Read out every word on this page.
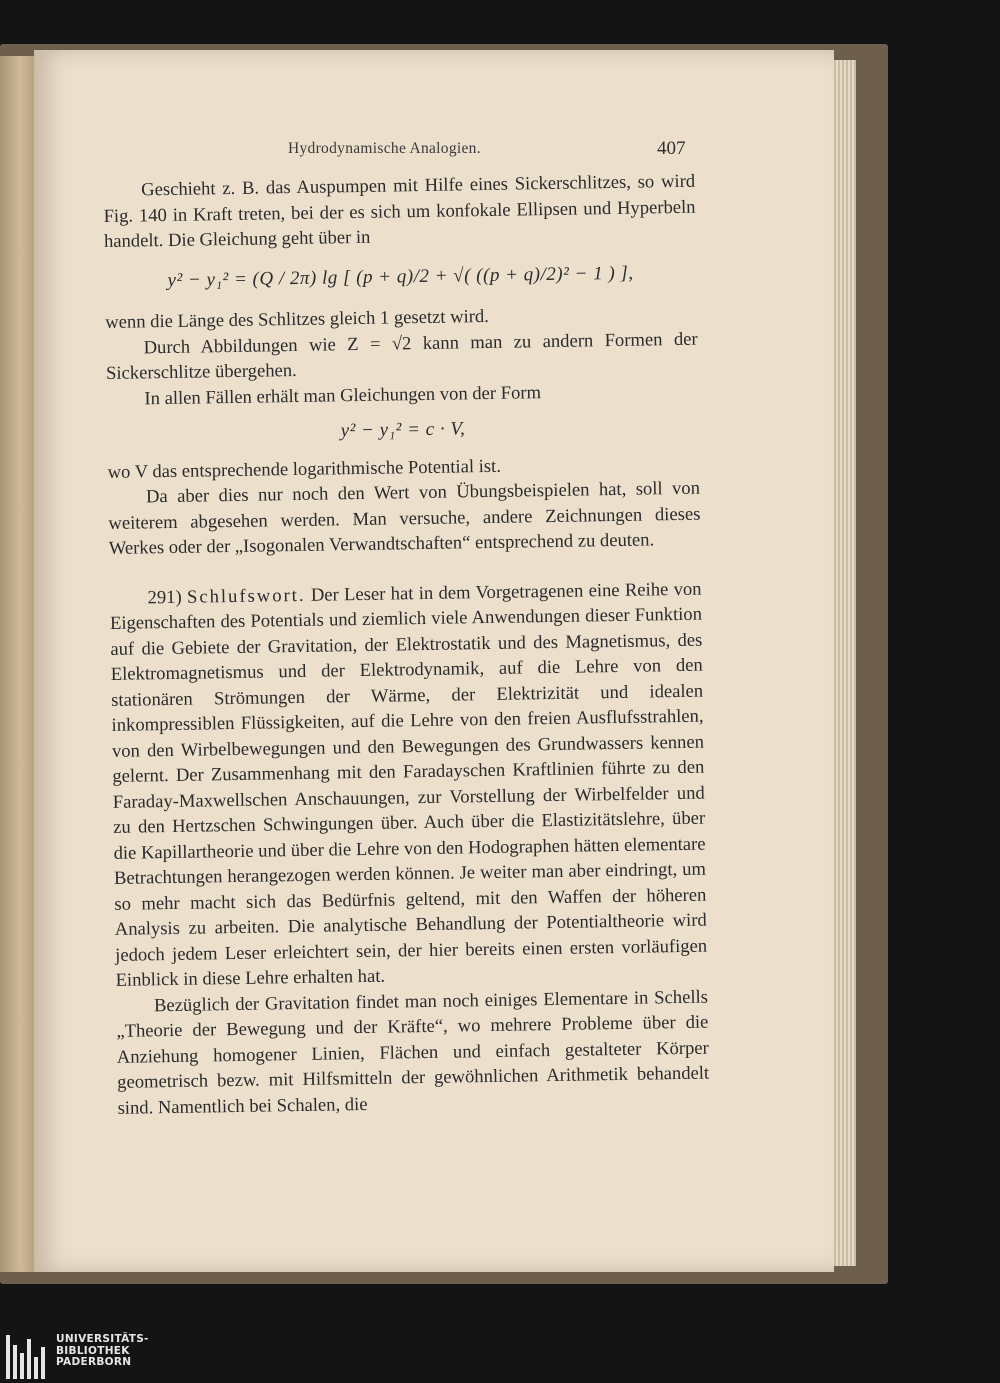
Hydrodynamische Analogien.	407

Geschieht z. B. das Auspumpen mit Hilfe eines Sickerschlitzes, so wird Fig. 140 in Kraft treten, bei der es sich um konfokale Ellipsen und Hyperbeln handelt. Die Gleichung geht über in

y² − y₁² = (Q / 2π) lg [ (p + q)/2 + √( ((p + q)/2)² − 1 ) ],

wenn die Länge des Schlitzes gleich 1 gesetzt wird.

Durch Abbildungen wie Z = √2 kann man zu andern Formen der Sickerschlitze übergehen.

In allen Fällen erhält man Gleichungen von der Form

y² − y₁² = c · V,

wo V das entsprechende logarithmische Potential ist.

Da aber dies nur noch den Wert von Übungsbeispielen hat, soll von weiterem abgesehen werden. Man versuche, andere Zeichnungen dieses Werkes oder der „Isogonalen Verwandtschaften“ entsprechend zu deuten.

291) Schlufswort. Der Leser hat in dem Vorgetragenen eine Reihe von Eigenschaften des Potentials und ziemlich viele Anwendungen dieser Funktion auf die Gebiete der Gravitation, der Elektrostatik und des Magnetismus, des Elektromagnetismus und der Elektrodynamik, auf die Lehre von den stationären Strömungen der Wärme, der Elektrizität und idealen inkompressiblen Flüssigkeiten, auf die Lehre von den freien Ausflufsstrahlen, von den Wirbelbewegungen und den Bewegungen des Grundwassers kennen gelernt. Der Zusammenhang mit den Faradayschen Kraftlinien führte zu den Faraday-Maxwellschen Anschauungen, zur Vorstellung der Wirbelfelder und zu den Hertzschen Schwingungen über. Auch über die Elastizitätslehre, über die Kapillartheorie und über die Lehre von den Hodographen hätten elementare Betrachtungen herangezogen werden können. Je weiter man aber eindringt, um so mehr macht sich das Bedürfnis geltend, mit den Waffen der höheren Analysis zu arbeiten. Die analytische Behandlung der Potentialtheorie wird jedoch jedem Leser erleichtert sein, der hier bereits einen ersten vorläufigen Einblick in diese Lehre erhalten hat.

Bezüglich der Gravitation findet man noch einiges Elementare in Schells „Theorie der Bewegung und der Kräfte“, wo mehrere Probleme über die Anziehung homogener Linien, Flächen und einfach gestalteter Körper geometrisch bezw. mit Hilfsmitteln der gewöhnlichen Arithmetik behandelt sind. Namentlich bei Schalen, die

UNIVERSITÄTS-
BIBLIOTHEK
PADERBORN
